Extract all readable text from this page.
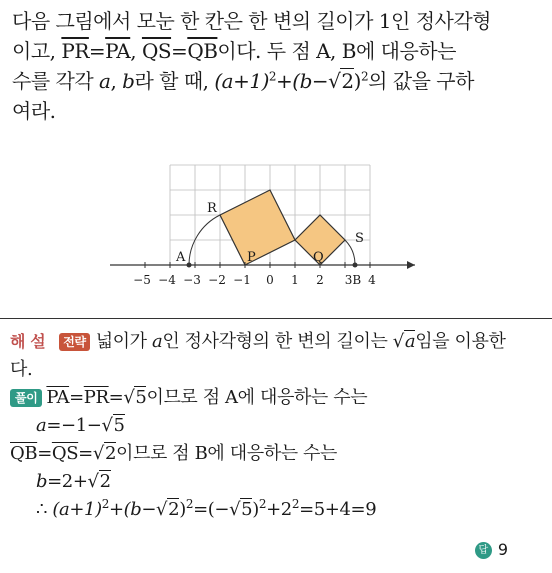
다음 그림에서 모눈 한 칸은 한 변의 길이가 1인 정사각형
이고, $\overline{PR}=\overline{PA}$, $\overline{QS}=\overline{QB}$이다. 두 점 A, B에 대응하는
수를 각각 a, b라 할 때, $(a+1)^2+(b-√2)^2$의 값을 구하
여라.
R
A	P	Q
S
−5 −4 −3 −2 −1 0 1 2 3B 4
해 설 전략 넓이가 a인 정사각형의 한 변의 길이는 √a임을 이용한
다.
풀이 $\overline{PA}=\overline{PR}=√5$이므로 점 A에 대응하는 수는
a=−1−√5
$\overline{QB}=\overline{QS}=√2$이므로 점 B에 대응하는 수는
b=2+√2
∴ $(a+1)^2+(b-√2)^2=(-√5)^2+2^2=5+4=9$
답 9
